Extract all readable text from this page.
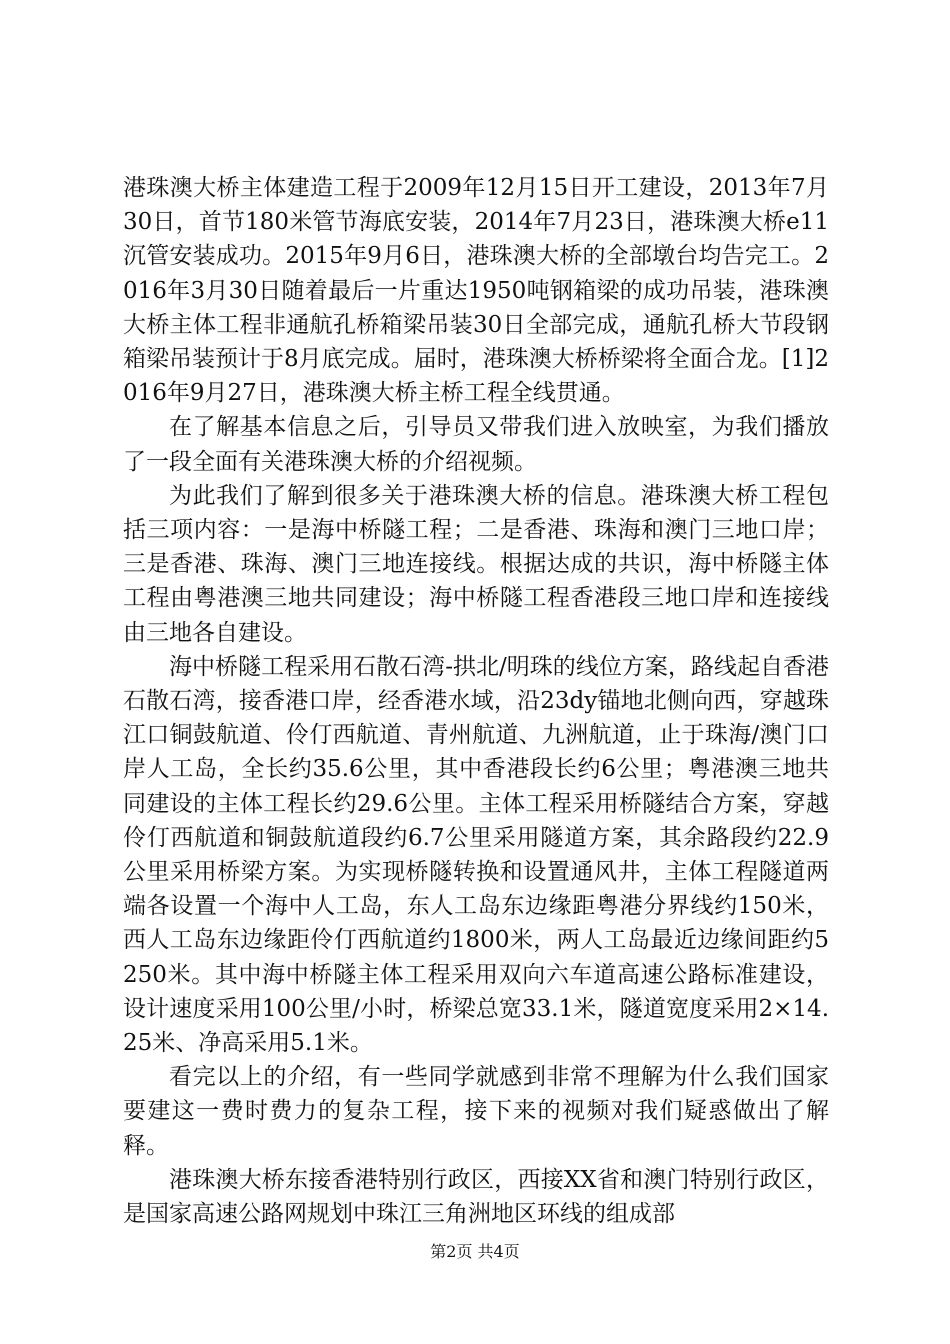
港珠澳大桥主体建造工程于2009年12月15日开工建设，2013年7月30日，首节180米管节海底安装，2014年7月23日，港珠澳大桥e11沉管安装成功。2015年9月6日，港珠澳大桥的全部墩台均告完工。2016年3月30日随着最后一片重达1950吨钢箱梁的成功吊装，港珠澳大桥主体工程非通航孔桥箱梁吊装30日全部完成，通航孔桥大节段钢箱梁吊装预计于8月底完成。届时，港珠澳大桥桥梁将全面合龙。[1]2016年9月27日，港珠澳大桥主桥工程全线贯通。

在了解基本信息之后，引导员又带我们进入放映室，为我们播放了一段全面有关港珠澳大桥的介绍视频。

为此我们了解到很多关于港珠澳大桥的信息。港珠澳大桥工程包括三项内容：一是海中桥隧工程；二是香港、珠海和澳门三地口岸；三是香港、珠海、澳门三地连接线。根据达成的共识，海中桥隧主体工程由粤港澳三地共同建设；海中桥隧工程香港段三地口岸和连接线由三地各自建设。

海中桥隧工程采用石散石湾-拱北/明珠的线位方案，路线起自香港石散石湾，接香港口岸，经香港水域，沿23dy锚地北侧向西，穿越珠江口铜鼓航道、伶仃西航道、青州航道、九洲航道，止于珠海/澳门口岸人工岛，全长约35.6公里，其中香港段长约6公里；粤港澳三地共同建设的主体工程长约29.6公里。主体工程采用桥隧结合方案，穿越伶仃西航道和铜鼓航道段约6.7公里采用隧道方案，其余路段约22.9公里采用桥梁方案。为实现桥隧转换和设置通风井，主体工程隧道两端各设置一个海中人工岛，东人工岛东边缘距粤港分界线约150米，西人工岛东边缘距伶仃西航道约1800米，两人工岛最近边缘间距约5250米。其中海中桥隧主体工程采用双向六车道高速公路标准建设，设计速度采用100公里/小时，桥梁总宽33.1米，隧道宽度采用2×14.25米、净高采用5.1米。

看完以上的介绍，有一些同学就感到非常不理解为什么我们国家要建这一费时费力的复杂工程，接下来的视频对我们疑惑做出了解释。

港珠澳大桥东接香港特别行政区，西接XX省和澳门特别行政区，是国家高速公路网规划中珠江三角洲地区环线的组成部

第2页 共4页
